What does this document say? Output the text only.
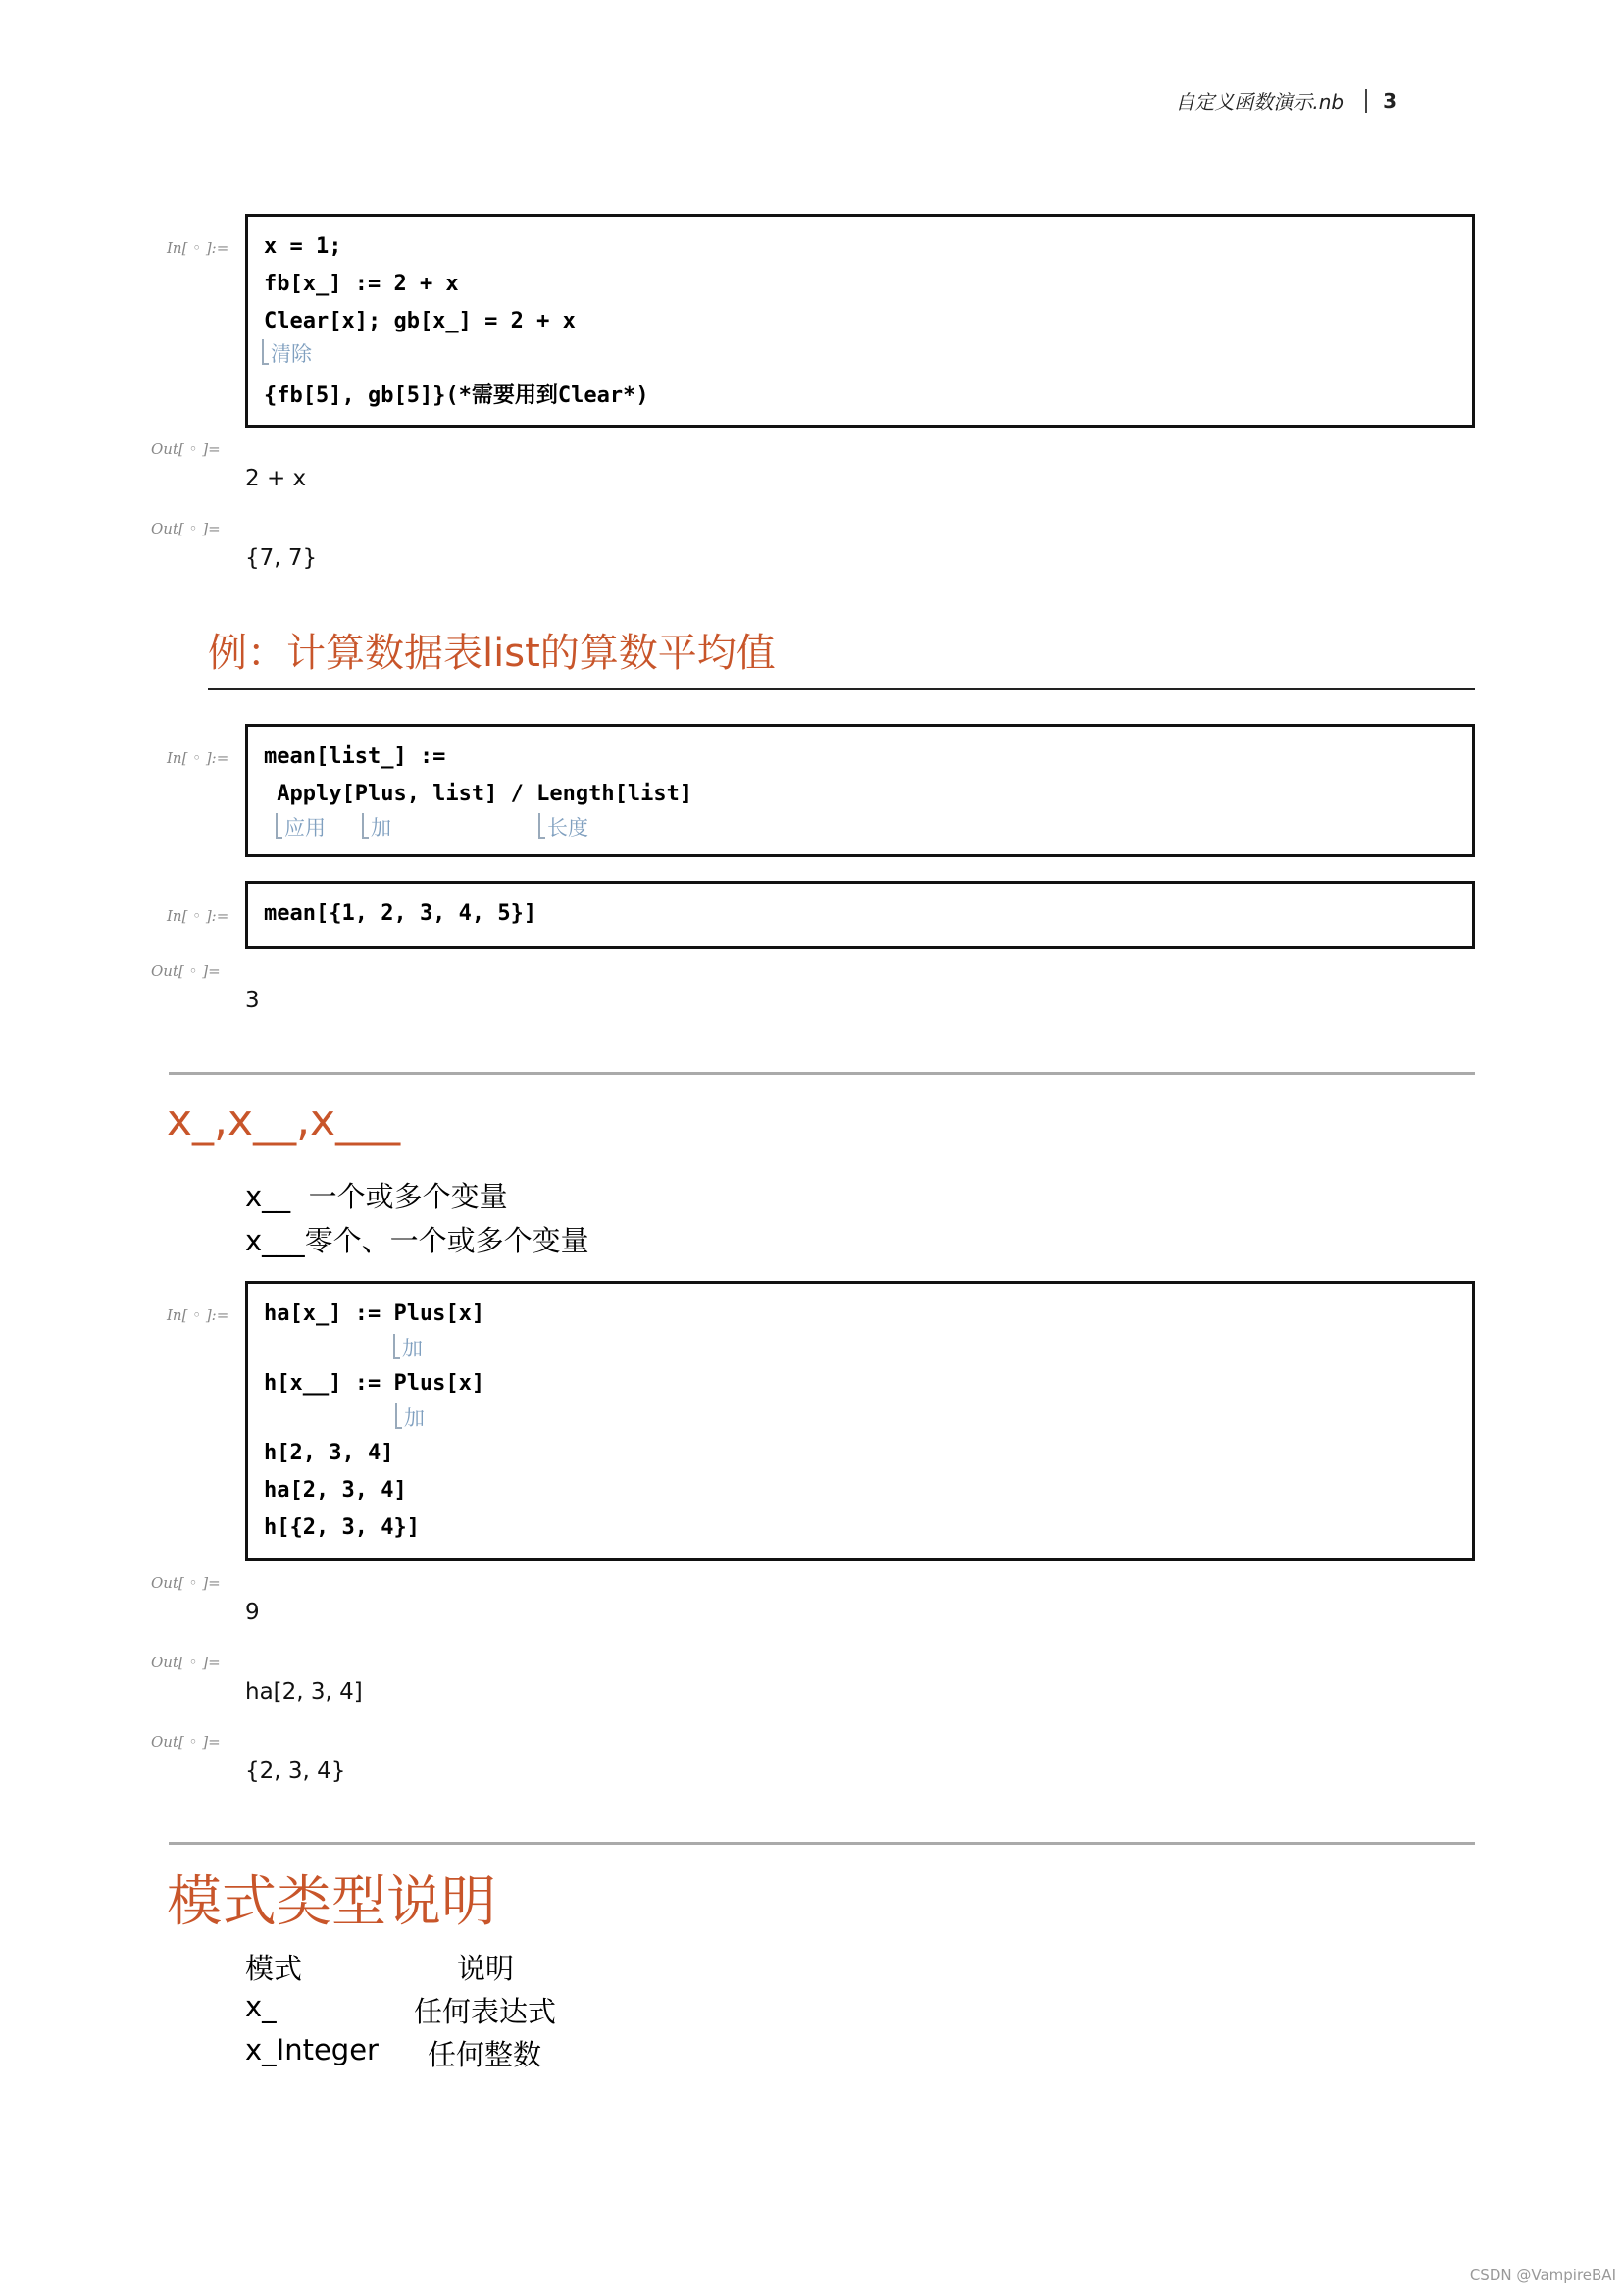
自定义函数演示.nb 3
In[ ◦ ]:= x = 1;
fb[x_] := 2 + x
Clear[x]; gb[x_] = 2 + x
清除
{fb[5], gb[5]}(*需要用到Clear*)
Out[ ◦ ]=
2 + x
Out[ ◦ ]=
{7, 7}
例：计算数据表list的算数平均值
In[ ◦ ]:= mean[list_] :=
Apply[Plus, list] / Length[list]
应用	加	长度
In[ ◦ ]:= mean[{1, 2, 3, 4, 5}]
Out[ ◦ ]=
3
x_,x__,x___
x__  一个或多个变量
x___零个、一个或多个变量
In[ ◦ ]:= ha[x_] := Plus[x]
加
h[x__] := Plus[x]
加
h[2, 3, 4]
ha[2, 3, 4]
h[{2, 3, 4}]
Out[ ◦ ]=
9
Out[ ◦ ]=
ha[2, 3, 4]
Out[ ◦ ]=
{2, 3, 4}
模式类型说明
模式	说明
x_	任何表达式
x_Integer 任何整数
CSDN @VampireBAI
